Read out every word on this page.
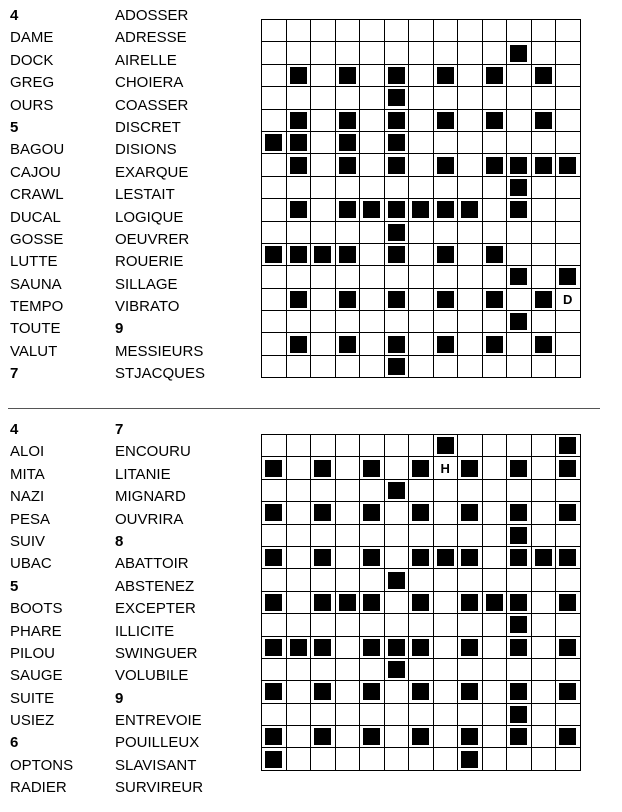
4
DAME
DOCK
GREG
OURS
5
BAGOU
CAJOU
CRAWL
DUCAL
GOSSE
LUTTE
SAUNA
TEMPO
TOUTE
VALUT
7
ADOSSER
ADRESSE
AIRELLE
CHOIERA
COASSER
DISCRET
DISIONS
EXARQUE
LESTAIT
LOGIQUE
OEUVRER
ROUERIE
SILLAGE
VIBRATO
9
MESSIEURS
STJACQUES
D
4
ALOI
MITA
NAZI
PESA
SUIV
UBAC
5
BOOTS
PHARE
PILOU
SAUGE
SUITE
USIEZ
6
OPTONS
RADIER
7
ENCOURU
LITANIE
MIGNARD
OUVRIRA
8
ABATTOIR
ABSTENEZ
EXCEPTER
ILLICITE
SWINGUER
VOLUBILE
9
ENTREVOIE
POUILLEUX
SLAVISANT
SURVIREUR
H
